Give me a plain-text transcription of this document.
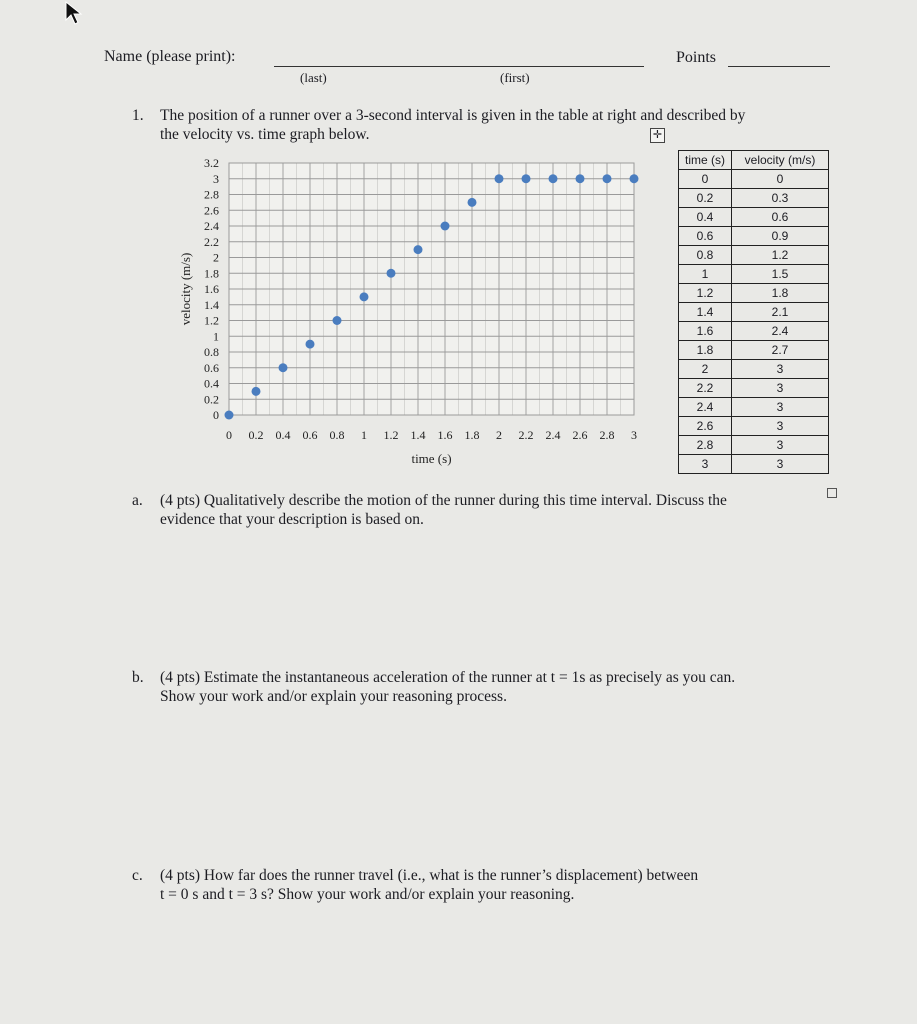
Name (please print):
(last)	(first)
Points
1. The position of a runner over a 3-second interval is given in the table at right and described by
the velocity vs. time graph below.	✛
0
0.2
0.4
0.6
0.8
1
1.2
1.4
1.6
1.8
2
2.2
2.4
2.6
2.8
3
3.2
0 0.2 0.4 0.6 0.8 1 1.2 1.4 1.6 1.8 2 2.2 2.4 2.6 2.8 3
time (s)
velocity (m/s)
time (s)	velocity (m/s)
0	0
0.2	0.3
0.4	0.6
0.6	0.9
0.8	1.2
1	1.5
1.2	1.8
1.4	2.1
1.6	2.4
1.8	2.7
2	3
2.2	3
2.4	3
2.6	3
2.8	3
3	3
a. (4 pts) Qualitatively describe the motion of the runner during this time interval. Discuss the
evidence that your description is based on.
b. (4 pts) Estimate the instantaneous acceleration of the runner at t = 1s as precisely as you can.
Show your work and/or explain your reasoning process.
c. (4 pts) How far does the runner travel (i.e., what is the runner’s displacement) between
t = 0 s and t = 3 s? Show your work and/or explain your reasoning.
